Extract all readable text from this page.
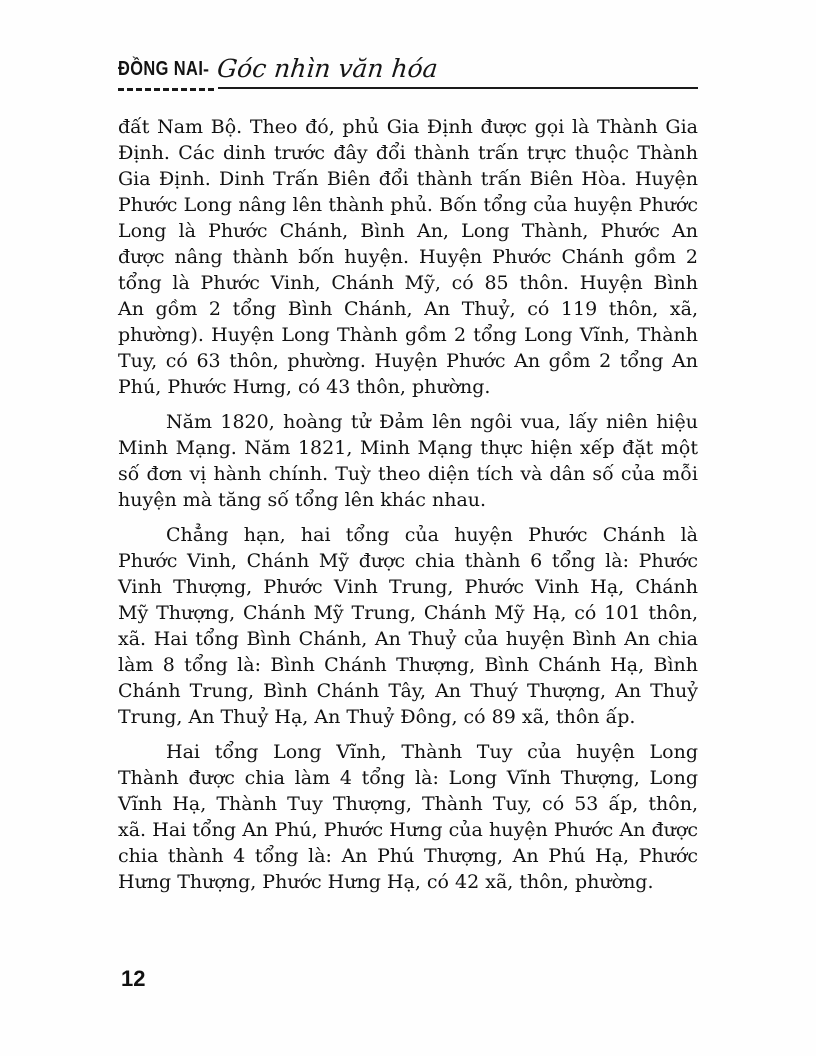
ĐỒNG NAI - Góc nhìn văn hóa
đất Nam Bộ. Theo đó, phủ Gia Định được gọi là Thành Gia
Định. Các dinh trước đây đổi thành trấn trực thuộc Thành
Gia Định. Dinh Trấn Biên đổi thành trấn Biên Hòa. Huyện
Phước Long nâng lên thành phủ. Bốn tổng của huyện Phước
Long là Phước Chánh, Bình An, Long Thành, Phước An
được nâng thành bốn huyện. Huyện Phước Chánh gồm 2
tổng là Phước Vinh, Chánh Mỹ, có 85 thôn. Huyện Bình
An gồm 2 tổng Bình Chánh, An Thuỷ, có 119 thôn, xã,
phường). Huyện Long Thành gồm 2 tổng Long Vĩnh, Thành
Tuy, có 63 thôn, phường. Huyện Phước An gồm 2 tổng An
Phú, Phước Hưng, có 43 thôn, phường.
Năm 1820, hoàng tử Đảm lên ngôi vua, lấy niên hiệu
Minh Mạng. Năm 1821, Minh Mạng thực hiện xếp đặt một
số đơn vị hành chính. Tuỳ theo diện tích và dân số của mỗi
huyện mà tăng số tổng lên khác nhau.
Chẳng hạn, hai tổng của huyện Phước Chánh là
Phước Vinh, Chánh Mỹ được chia thành 6 tổng là: Phước
Vinh Thượng, Phước Vinh Trung, Phước Vinh Hạ, Chánh
Mỹ Thượng, Chánh Mỹ Trung, Chánh Mỹ Hạ, có 101 thôn,
xã. Hai tổng Bình Chánh, An Thuỷ của huyện Bình An chia
làm 8 tổng là: Bình Chánh Thượng, Bình Chánh Hạ, Bình
Chánh Trung, Bình Chánh Tây, An Thuý Thượng, An Thuỷ
Trung, An Thuỷ Hạ, An Thuỷ Đông, có 89 xã, thôn ấp.
Hai tổng Long Vĩnh, Thành Tuy của huyện Long
Thành được chia làm 4 tổng là: Long Vĩnh Thượng, Long
Vĩnh Hạ, Thành Tuy Thượng, Thành Tuy, có 53 ấp, thôn,
xã. Hai tổng An Phú, Phước Hưng của huyện Phước An được
chia thành 4 tổng là: An Phú Thượng, An Phú Hạ, Phước
Hưng Thượng, Phước Hưng Hạ, có 42 xã, thôn, phường.
12
